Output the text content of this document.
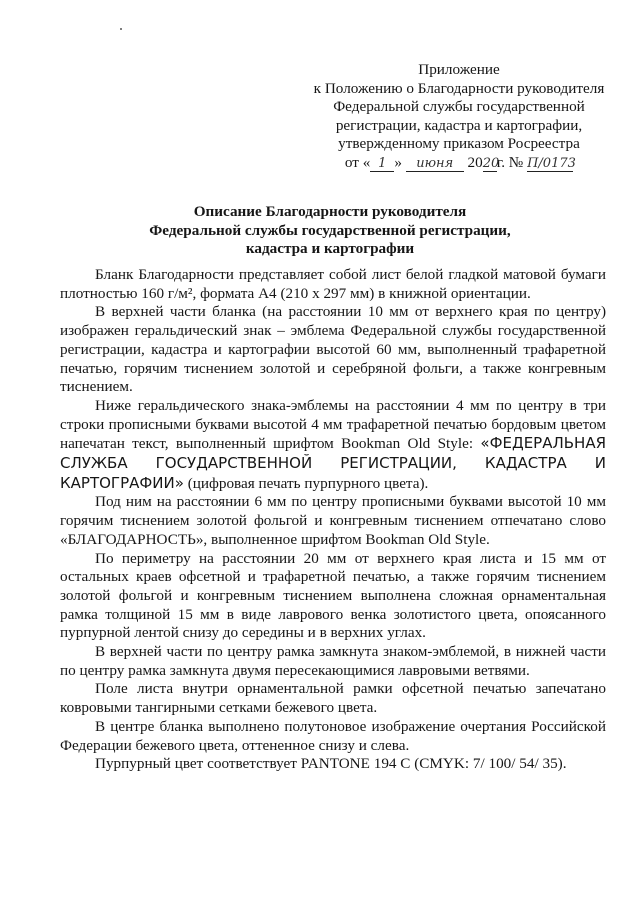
Приложение
к Положению о Благодарности руководителя
Федеральной службы государственной
регистрации, кадастра и картографии,
утвержденному приказом Росреестра
от « 1 » июня 2020г. № П/0173
Описание Благодарности руководителя
Федеральной службы государственной регистрации,
кадастра и картографии

Бланк Благодарности представляет собой лист белой гладкой матовой бумаги плотностью 160 г/м², формата А4 (210 х 297 мм) в книжной ориентации.

В верхней части бланка (на расстоянии 10 мм от верхнего края по центру) изображен геральдический знак – эмблема Федеральной службы государственной регистрации, кадастра и картографии высотой 60 мм, выполненный трафаретной печатью, горячим тиснением золотой и серебряной фольги, а также конгревным тиснением.

Ниже геральдического знака-эмблемы на расстоянии 4 мм по центру в три строки прописными буквами высотой 4 мм трафаретной печатью бордовым цветом напечатан текст, выполненный шрифтом Bookman Old Style: «ФЕДЕРАЛЬНАЯ СЛУЖБА ГОСУДАРСТВЕННОЙ РЕГИСТРАЦИИ, КАДАСТРА И КАРТОГРАФИИ» (цифровая печать пурпурного цвета).

Под ним на расстоянии 6 мм по центру прописными буквами высотой 10 мм горячим тиснением золотой фольгой и конгревным тиснением отпечатано слово «БЛАГОДАРНОСТЬ», выполненное шрифтом Bookman Old Style.

По периметру на расстоянии 20 мм от верхнего края листа и 15 мм от остальных краев офсетной и трафаретной печатью, а также горячим тиснением золотой фольгой и конгревным тиснением выполнена сложная орнаментальная рамка толщиной 15 мм в виде лаврового венка золотистого цвета, опоясанного пурпурной лентой снизу до середины и в верхних углах.

В верхней части по центру рамка замкнута знаком-эмблемой, в нижней части по центру рамка замкнута двумя пересекающимися лавровыми ветвями.

Поле листа внутри орнаментальной рамки офсетной печатью запечатано ковровыми тангирными сетками бежевого цвета.

В центре бланка выполнено полутоновое изображение очертания Российской Федерации бежевого цвета, оттененное снизу и слева.

Пурпурный цвет соответствует PANTONE 194 C (CMYK: 7/ 100/ 54/ 35).
